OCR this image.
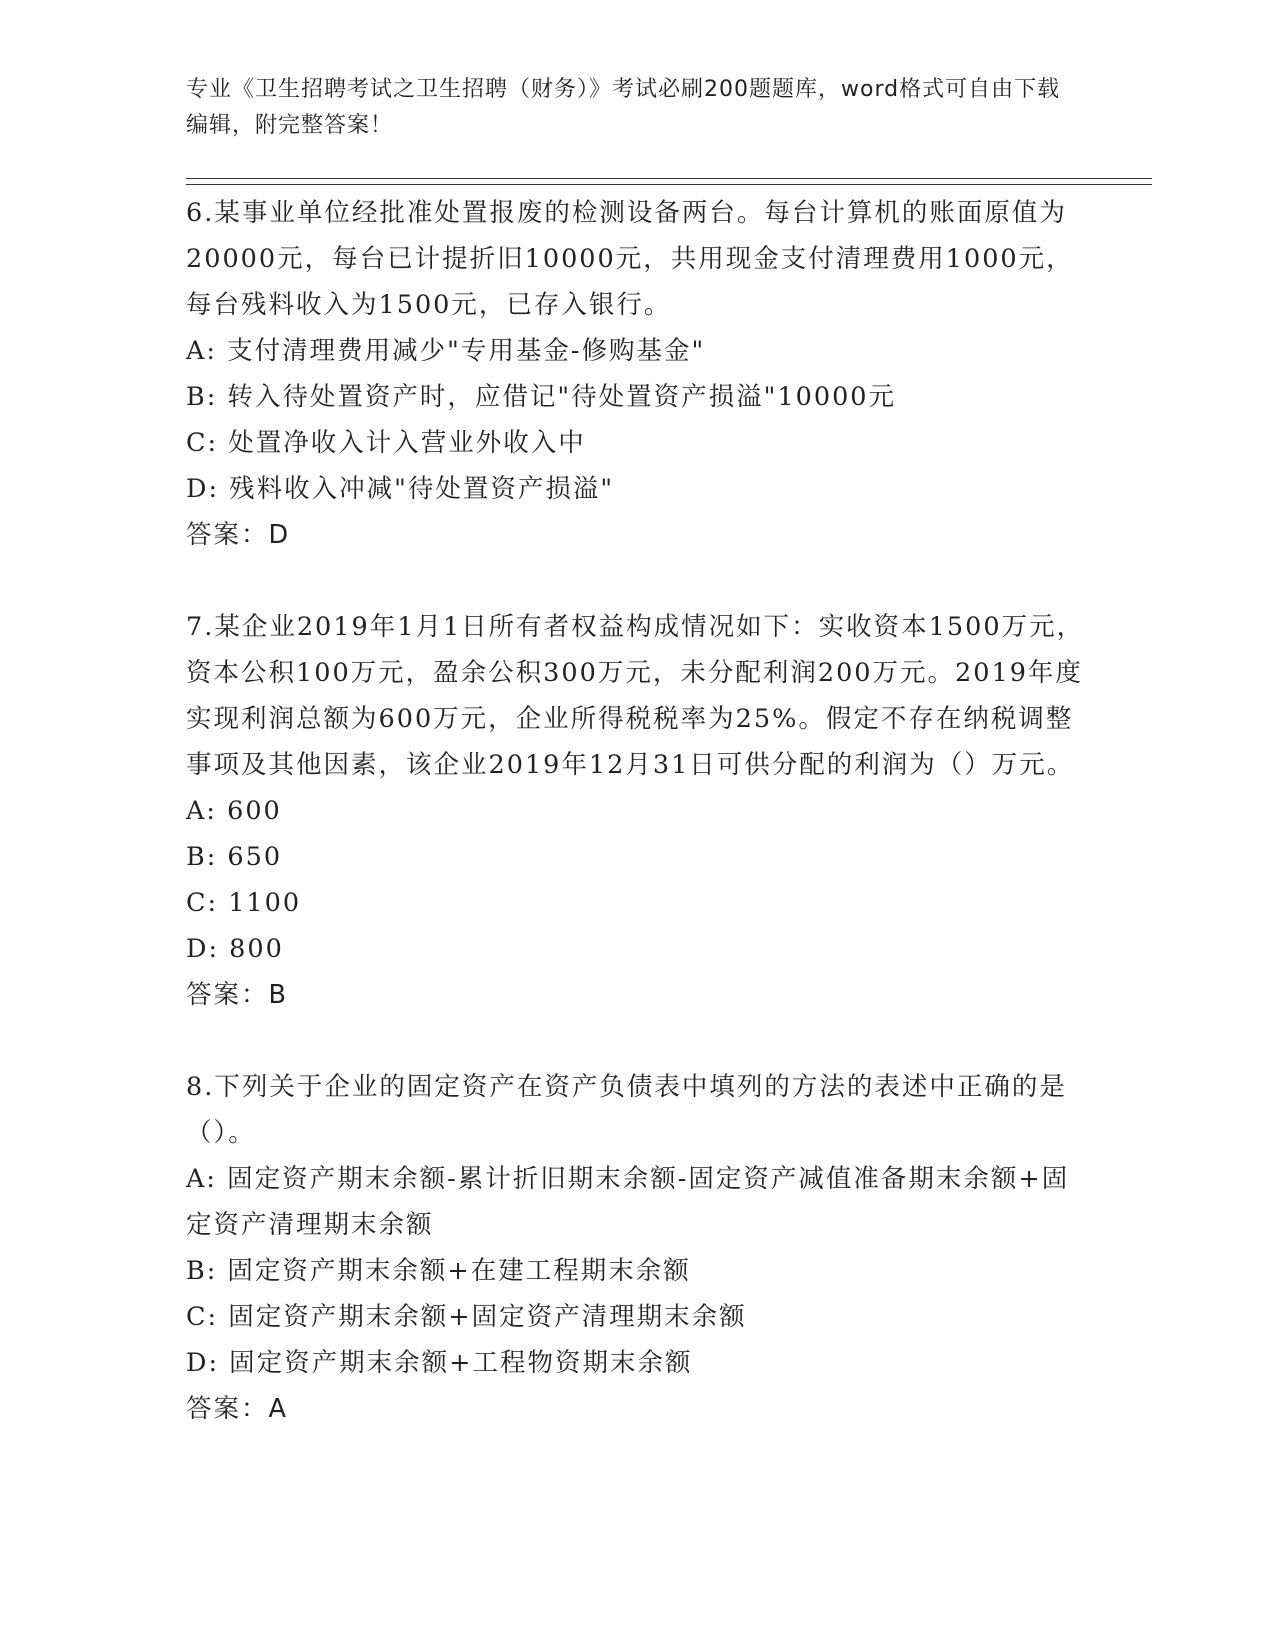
专业《卫生招聘考试之卫生招聘（财务）》考试必刷200题题库，word格式可自由下载编辑，附完整答案！

6.某事业单位经批准处置报废的检测设备两台。每台计算机的账面原值为20000元，每台已计提折旧10000元，共用现金支付清理费用1000元，每台残料收入为1500元，已存入银行。

A: 支付清理费用减少"专用基金-修购基金"

B: 转入待处置资产时，应借记"待处置资产损溢"10000元

C: 处置净收入计入营业外收入中

D: 残料收入冲减"待处置资产损溢"

答案：D

7.某企业2019年1月1日所有者权益构成情况如下：实收资本1500万元，资本公积100万元，盈余公积300万元，未分配利润200万元。2019年度实现利润总额为600万元，企业所得税税率为25%。假定不存在纳税调整事项及其他因素，该企业2019年12月31日可供分配的利润为（）万元。

A: 600

B: 650

C: 1100

D: 800

答案：B

8.下列关于企业的固定资产在资产负债表中填列的方法的表述中正确的是（）。

A: 固定资产期末余额-累计折旧期末余额-固定资产减值准备期末余额+固定资产清理期末余额

B: 固定资产期末余额+在建工程期末余额

C: 固定资产期末余额+固定资产清理期末余额

D: 固定资产期末余额+工程物资期末余额

答案：A
